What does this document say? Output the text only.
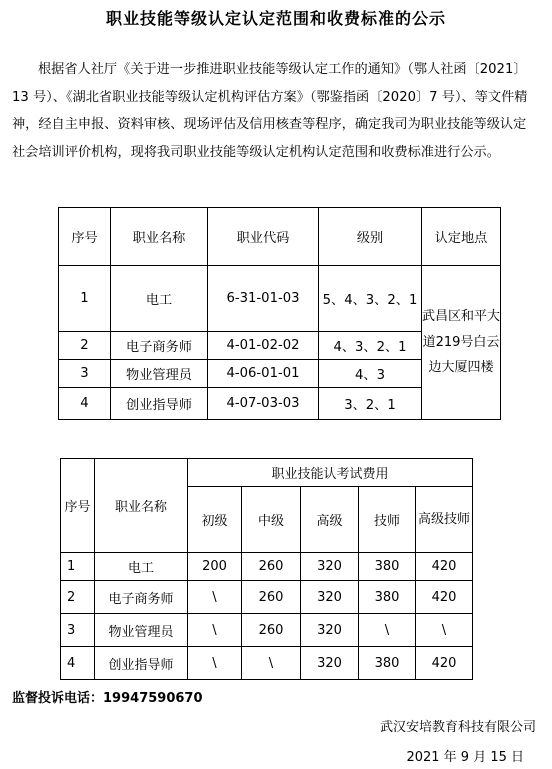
职业技能等级认定认定范围和收费标准的公示
根据省人社厅《关于进一步推进职业技能等级认定工作的通知》（鄂人社函〔2021〕13 号）、《湖北省职业技能等级认定机构评估方案》（鄂鉴指函〔2020〕7 号）、等文件精神，经自主申报、资料审核、现场评估及信用核查等程序，确定我司为职业技能等级认定社会培训评价机构，现将我司职业技能等级认定机构认定范围和收费标准进行公示。
序号	职业名称	职业代码	级别	认定地点
1	电工	6-31-01-03	5、4、3、2、1	武昌区和平大道219号白云边大厦四楼
2	电子商务师	4-01-02-02	4、3、2、1	
3	物业管理员	4-06-01-01	4、3	
4	创业指导师	4-07-03-03	3、2、1	
序号	职业名称	职业技能认考试费用				
		初级	中级	高级	技师	高级技师
1	电工	200	260	320	380	420
2	电子商务师	\	260	320	380	420
3	物业管理员	\	260	320	\	\
4	创业指导师	\	\	320	380	420
监督投诉电话：19947590670
武汉安培教育科技有限公司
2021 年 9 月 15 日
